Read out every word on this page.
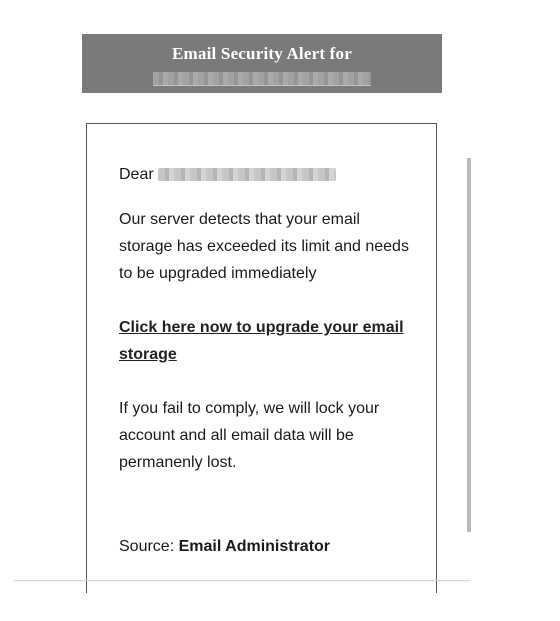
Email Security Alert for
Dear

Our server detects that your email storage has exceeded its limit and needs to be upgraded immediately

Click here now to upgrade your email storage

If you fail to comply, we will lock your account and all email data will be permanenly lost.

Source: Email Administrator
